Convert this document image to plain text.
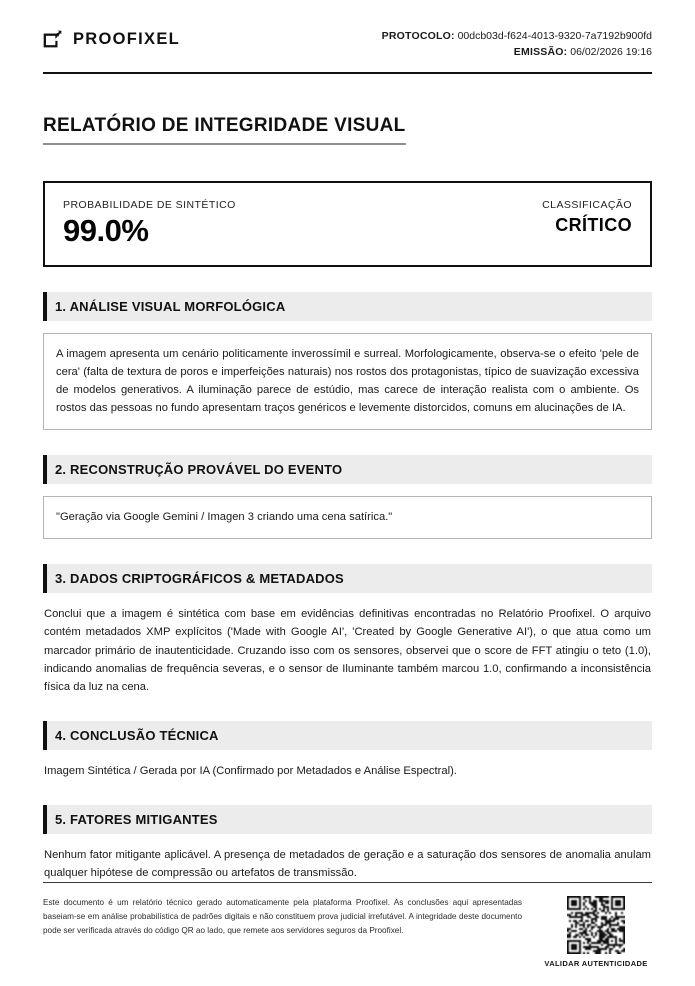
PROOFIXEL	PROTOCOLO: 00dcb03d-f624-4013-9320-7a7192b900fd
EMISSÃO: 06/02/2026 19:16
RELATÓRIO DE INTEGRIDADE VISUAL
PROBABILIDADE DE SINTÉTICO
99.0%
CLASSIFICAÇÃO
CRÍTICO
1. ANÁLISE VISUAL MORFOLÓGICA
A imagem apresenta um cenário politicamente inverossímil e surreal. Morfologicamente, observa-se o efeito 'pele de cera' (falta de textura de poros e imperfeições naturais) nos rostos dos protagonistas, típico de suavização excessiva de modelos generativos. A iluminação parece de estúdio, mas carece de interação realista com o ambiente. Os rostos das pessoas no fundo apresentam traços genéricos e levemente distorcidos, comuns em alucinações de IA.
2. RECONSTRUÇÃO PROVÁVEL DO EVENTO
"Geração via Google Gemini / Imagen 3 criando uma cena satírica."
3. DADOS CRIPTOGRÁFICOS & METADADOS
Conclui que a imagem é sintética com base em evidências definitivas encontradas no Relatório Proofixel. O arquivo contém metadados XMP explícitos ('Made with Google AI', 'Created by Google Generative AI'), o que atua como um marcador primário de inautenticidade. Cruzando isso com os sensores, observei que o score de FFT atingiu o teto (1.0), indicando anomalias de frequência severas, e o sensor de Iluminante também marcou 1.0, confirmando a inconsistência física da luz na cena.
4. CONCLUSÃO TÉCNICA
Imagem Sintética / Gerada por IA (Confirmado por Metadados e Análise Espectral).
5. FATORES MITIGANTES
Nenhum fator mitigante aplicável. A presença de metadados de geração e a saturação dos sensores de anomalia anulam qualquer hipótese de compressão ou artefatos de transmissão.
Este documento é um relatório técnico gerado automaticamente pela plataforma Proofixel. As conclusões aqui apresentadas baseiam-se em análise probabilística de padrões digitais e não constituem prova judicial irrefutável. A integridade deste documento pode ser verificada através do código QR ao lado, que remete aos servidores seguros da Proofixel.
VALIDAR AUTENTICIDADE
